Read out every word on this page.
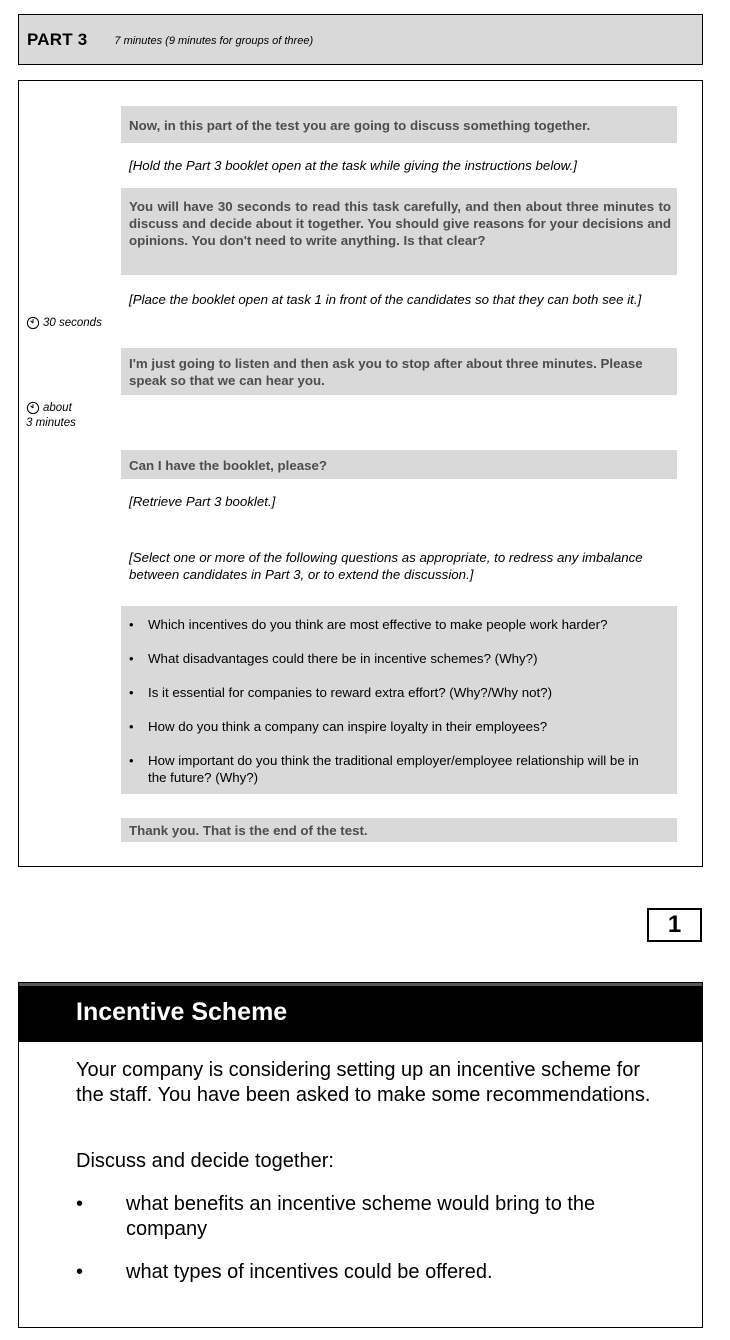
PART 3 7 minutes (9 minutes for groups of three)
Now, in this part of the test you are going to discuss something together.
[Hold the Part 3 booklet open at the task while giving the instructions below.]
You will have 30 seconds to read this task carefully, and then about three minutes to discuss and decide about it together. You should give reasons for your decisions and opinions. You don't need to write anything. Is that clear?
[Place the booklet open at task 1 in front of the candidates so that they can both see it.]
30 seconds
I'm just going to listen and then ask you to stop after about three minutes. Please speak so that we can hear you.
about
3 minutes
Can I have the booklet, please?
[Retrieve Part 3 booklet.]
[Select one or more of the following questions as appropriate, to redress any imbalance between candidates in Part 3, or to extend the discussion.]
•	Which incentives do you think are most effective to make people work harder?
•	What disadvantages could there be in incentive schemes? (Why?)
•	Is it essential for companies to reward extra effort? (Why?/Why not?)
•	How do you think a company can inspire loyalty in their employees?
•	How important do you think the traditional employer/employee relationship will be in the future? (Why?)
Thank you. That is the end of the test.
1
Incentive Scheme
Your company is considering setting up an incentive scheme for the staff. You have been asked to make some recommendations.
Discuss and decide together:
•	what benefits an incentive scheme would bring to the company
•	what types of incentives could be offered.
